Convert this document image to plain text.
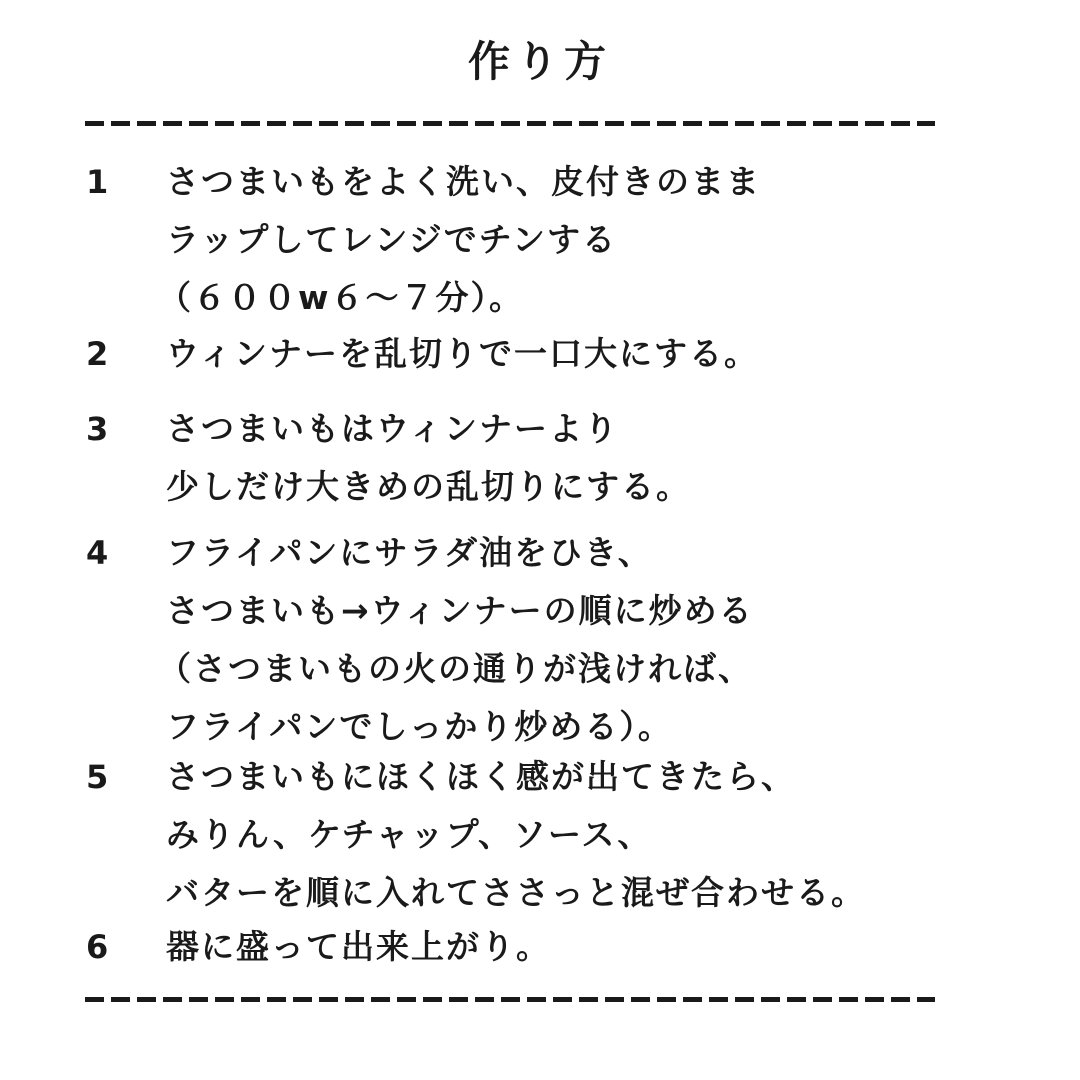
作り方
1	さつまいもをよく洗い、皮付きのまま
ラップしてレンジでチンする
（６００w６～７分）。
2	ウィンナーを乱切りで一口大にする。
3	さつまいもはウィンナーより
少しだけ大きめの乱切りにする。
4	フライパンにサラダ油をひき、
さつまいも→ウィンナーの順に炒める
（さつまいもの火の通りが浅ければ、
フライパンでしっかり炒める）。
5	さつまいもにほくほく感が出てきたら、
みりん、ケチャップ、ソース、
バターを順に入れてささっと混ぜ合わせる。
6	器に盛って出来上がり。
